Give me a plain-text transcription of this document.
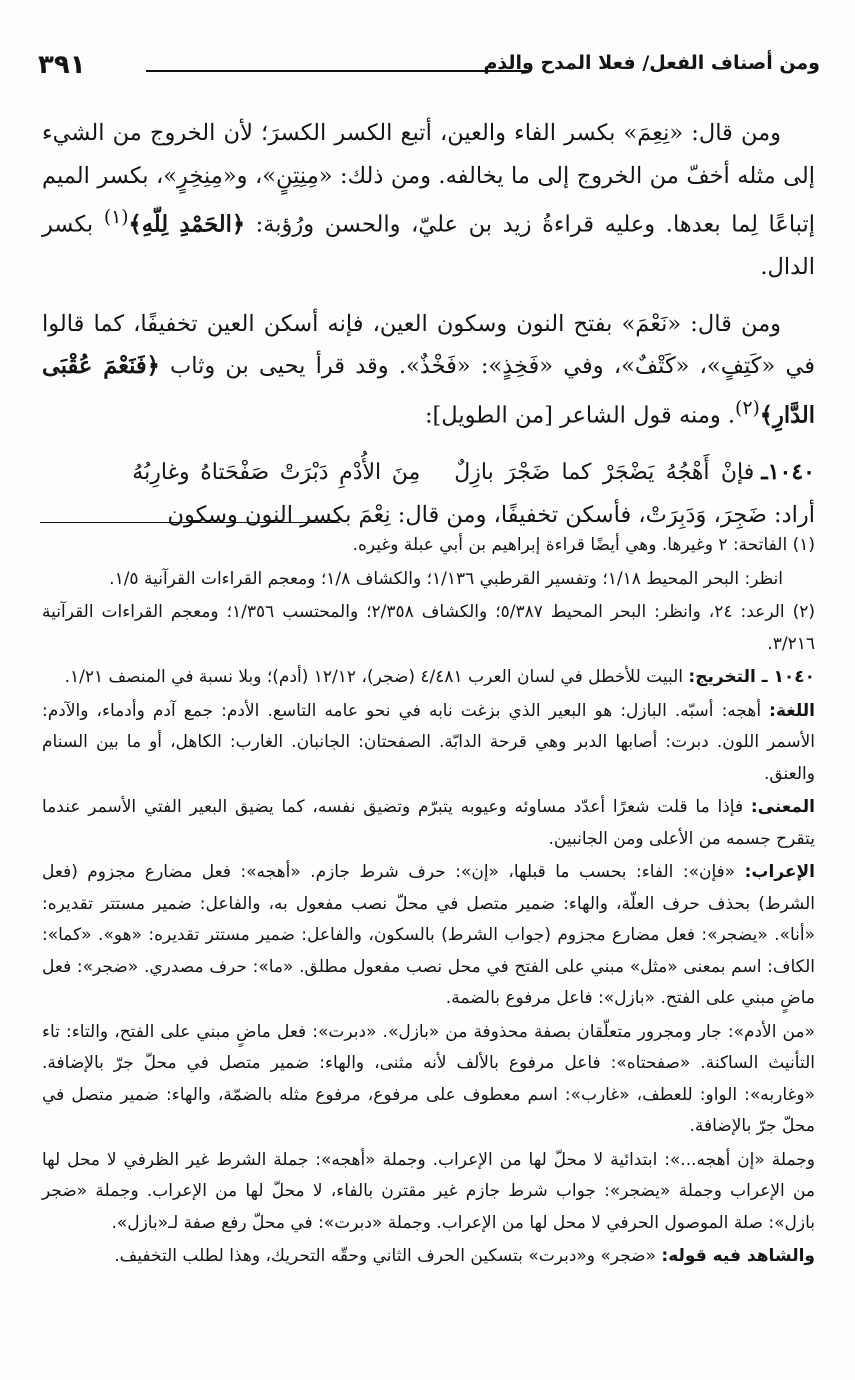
ومن أصناف الفعل/ فعلا المدح والذم
٣٩١

ومن قال: «نِعِمَ» بكسر الفاء والعين، أتبع الكسر الكسرَ؛ لأن الخروج من الشيء إلى مثله أخفّ من الخروج إلى ما يخالفه. ومن ذلك: «مِنِتِنٍ»، و«مِنِخِرٍ»، بكسر الميم إتباعًا لِما بعدها. وعليه قراءةُ زيد بن عليّ، والحسن ورُؤبة: ﴿الحَمْدِ لِلّهِ﴾$^{(١)}$ بكسر الدال.

ومن قال: «نَعْمَ» بفتح النون وسكون العين، فإنه أسكن العين تخفيفًا، كما قالوا في «كَتِفٍ»، «كَتْفٌ»، وفي «فَخِذٍ»: «فَخْذٌ». وقد قرأ يحيى بن وثاب ﴿فَنَعْمَ عُقْبَى الدَّارِ﴾$^{(٢)}$. ومنه قول الشاعر [من الطويل]:

١٠٤٠ـ فإنْ أَهْجُهُ يَضْجَرْ كما ضَجْرَ بازِلٌمِنَ الأُدْمِ دَبْرَتْ صَفْحَتاهُ وغارِبُهُ

أراد: ضَجِرَ، وَدَبِرَتْ، فأسكن تخفيفًا، ومن قال: نِعْمَ بكسر النون وسكون

(١) الفاتحة: ٢ وغيرها. وهي أيضًا قراءة إبراهيم بن أبي عبلة وغيره.

انظر: البحر المحيط ١/١٨؛ وتفسير القرطبي ١/١٣٦؛ والكشاف ١/٨؛ ومعجم القراءات القرآنية ١/٥.

(٢) الرعد: ٢٤، وانظر: البحر المحيط ٥/٣٨٧؛ والكشاف ٢/٣٥٨؛ والمحتسب ١/٣٥٦؛ ومعجم القراءات القرآنية ٣/٢١٦.

١٠٤٠ ـ التخريج: البيت للأخطل في لسان العرب ٤/٤٨١ (ضجر)، ١٢/١٢ (أدم)؛ وبلا نسبة في المنصف ١/٢١.

اللغة: أهجه: أسبّه. البازل: هو البعير الذي بزغت نابه في نحو عامه التاسع. الأدم: جمع آدم وأدماء، والآدم: الأسمر اللون. دبرت: أصابها الدبر وهي قرحة الدابّة. الصفحتان: الجانبان. الغارب: الكاهل، أو ما بين السنام والعنق.

المعنى: فإذا ما قلت شعرًا أعدّد مساوئه وعيوبه يتبرّم وتضيق نفسه، كما يضيق البعير الفتي الأسمر عندما يتقرح جسمه من الأعلى ومن الجانبين.

الإعراب: «فإن»: الفاء: بحسب ما قبلها، «إن»: حرف شرط جازم. «أهجه»: فعل مضارع مجزوم (فعل الشرط) بحذف حرف العلّة، والهاء: ضمير متصل في محلّ نصب مفعول به، والفاعل: ضمير مستتر تقديره: «أنا». «يضجر»: فعل مضارع مجزوم (جواب الشرط) بالسكون، والفاعل: ضمير مستتر تقديره: «هو». «كما»: الكاف: اسم بمعنى «مثل» مبني على الفتح في محل نصب مفعول مطلق. «ما»: حرف مصدري. «ضجر»: فعل ماضٍ مبني على الفتح. «بازل»: فاعل مرفوع بالضمة.

«من الأدم»: جار ومجرور متعلّقان بصفة محذوفة من «بازل». «دبرت»: فعل ماضٍ مبني على الفتح، والتاء: تاء التأنيث الساكنة. «صفحتاه»: فاعل مرفوع بالألف لأنه مثنى، والهاء: ضمير متصل في محلّ جرّ بالإضافة. «وغاربه»: الواو: للعطف، «غارب»: اسم معطوف على مرفوع، مرفوع مثله بالضمّة، والهاء: ضمير متصل في محلّ جرّ بالإضافة.

وجملة «إن أهجه...»: ابتدائية لا محلّ لها من الإعراب. وجملة «أهجه»: جملة الشرط غير الظرفي لا محل لها من الإعراب وجملة «يضجر»: جواب شرط جازم غير مقترن بالفاء، لا محلّ لها من الإعراب. وجملة «ضجر بازل»: صلة الموصول الحرفي لا محل لها من الإعراب. وجملة «دبرت»: في محلّ رفع صفة لـ«بازل».

والشاهد فيه قوله: «ضجر» و«دبرت» بتسكين الحرف الثاني وحقّه التحريك، وهذا لطلب التخفيف.
